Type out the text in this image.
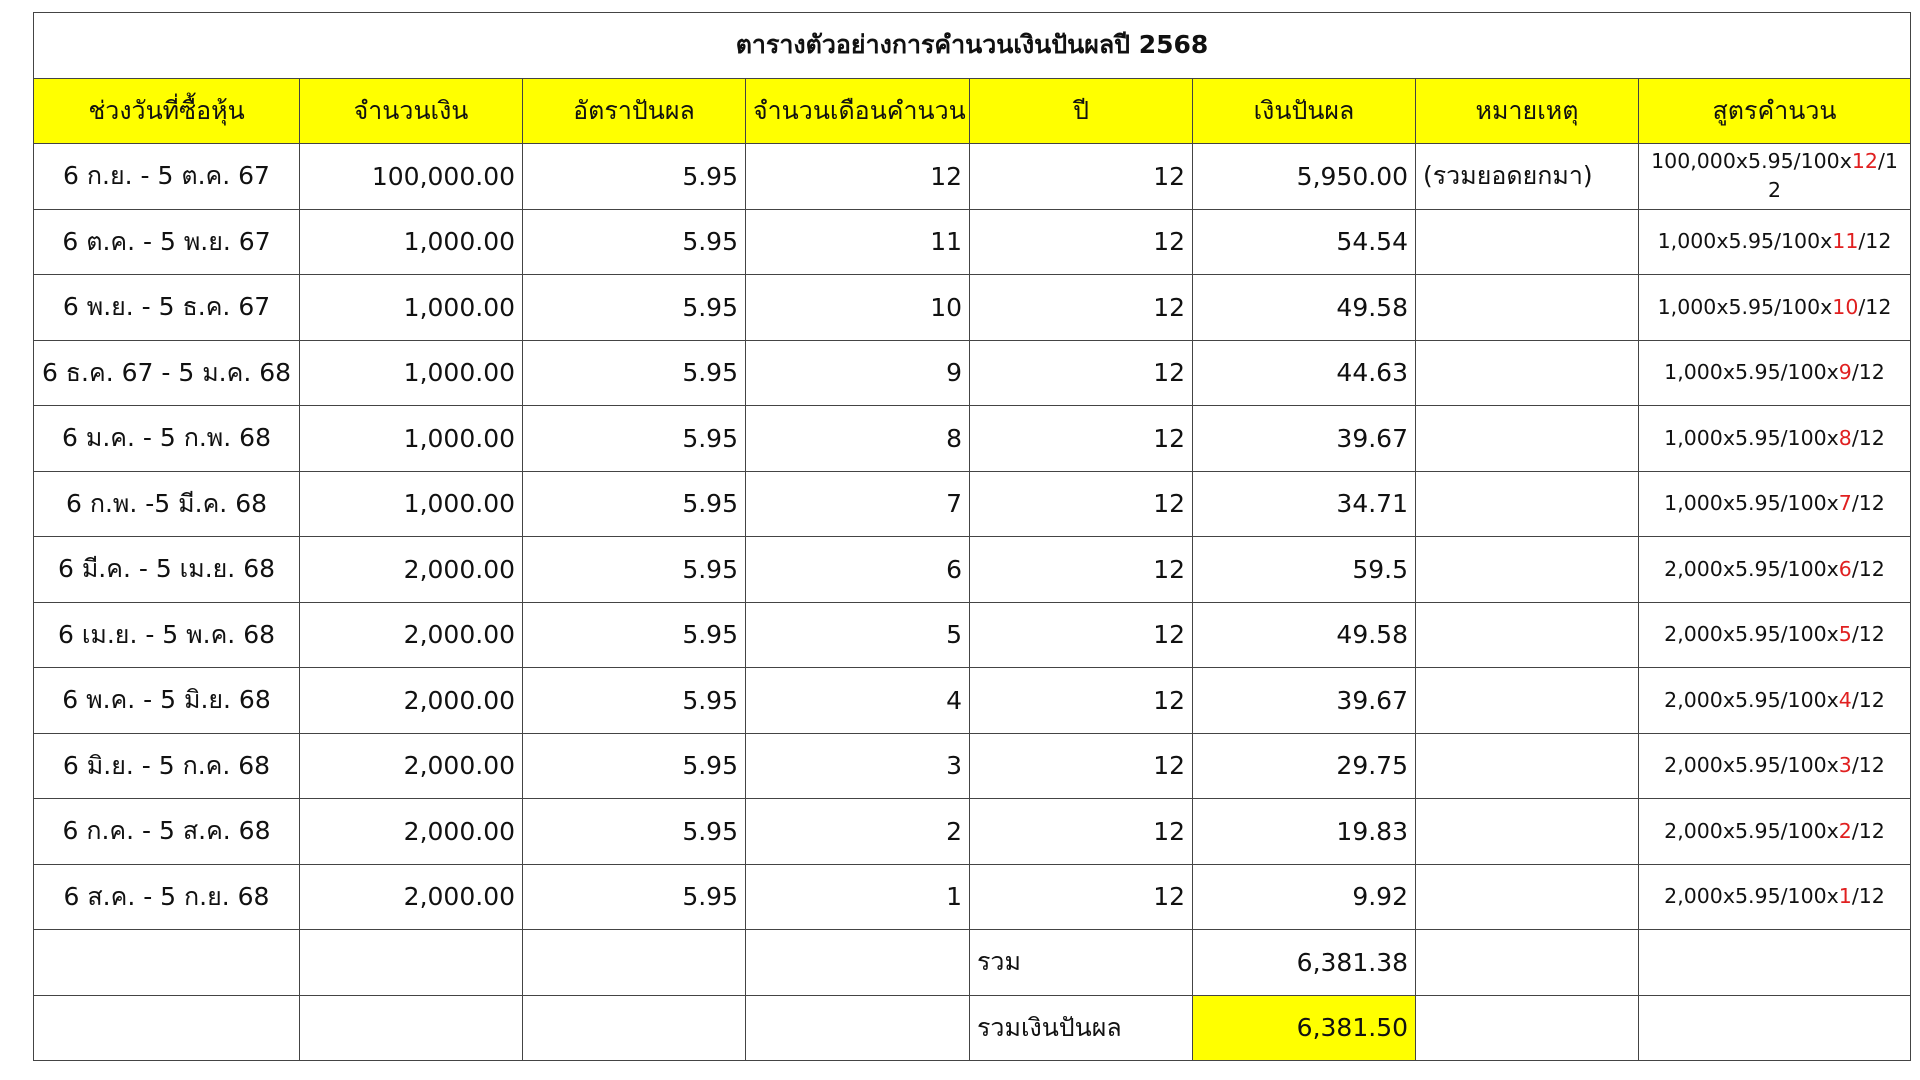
ตารางตัวอย่างการคำนวนเงินปันผลปี 2568							
ช่วงวันที่ซื้อหุ้น	จำนวนเงิน	อัตราปันผล	จำนวนเดือนคำนวน	ปี	เงินปันผล	หมายเหตุ	สูตรคำนวน
6 ก.ย. - 5 ต.ค. 67	100,000.00	5.95	12	12	5,950.00	(รวมยอดยกมา)	100,000x5.95/100x12/12
6 ต.ค. - 5 พ.ย. 67	1,000.00	5.95	11	12	54.54		1,000x5.95/100x11/12
6 พ.ย. - 5 ธ.ค. 67	1,000.00	5.95	10	12	49.58		1,000x5.95/100x10/12
6 ธ.ค. 67 - 5 ม.ค. 68	1,000.00	5.95	9	12	44.63		1,000x5.95/100x9/12
6 ม.ค. - 5 ก.พ. 68	1,000.00	5.95	8	12	39.67		1,000x5.95/100x8/12
6 ก.พ. -5 มี.ค. 68	1,000.00	5.95	7	12	34.71		1,000x5.95/100x7/12
6 มี.ค. - 5 เม.ย. 68	2,000.00	5.95	6	12	59.5		2,000x5.95/100x6/12
6 เม.ย. - 5 พ.ค. 68	2,000.00	5.95	5	12	49.58		2,000x5.95/100x5/12
6 พ.ค. - 5 มิ.ย. 68	2,000.00	5.95	4	12	39.67		2,000x5.95/100x4/12
6 มิ.ย. - 5 ก.ค. 68	2,000.00	5.95	3	12	29.75		2,000x5.95/100x3/12
6 ก.ค. - 5 ส.ค. 68	2,000.00	5.95	2	12	19.83		2,000x5.95/100x2/12
6 ส.ค. - 5 ก.ย. 68	2,000.00	5.95	1	12	9.92		2,000x5.95/100x1/12
				รวม	6,381.38		
				รวมเงินปันผล	6,381.50		
